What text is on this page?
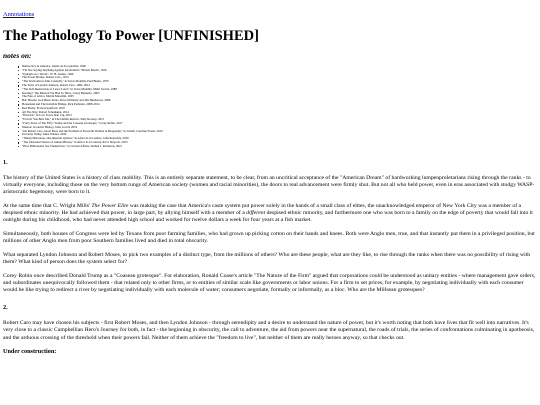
Annotations
The Pathology To Power [UNFINISHED]
notes on:
Democracy in America, Alexis de Tocqueville, 1840
"I'm Not Saying Anything Against Alcoholism," Bertolt Brecht, 1926
"Epitaph on a Tyrant", W. H. Auden, 1940
The Power Broker, Robert Caro, 1974
"The Truth About John Connally," in Texas Monthly, Paul Burka, 1979
The Years of Lyndon Johnson, Robert Caro, 1982–2012
"The Self-Destruction of Lance Laird," in Texas Monthly, Mimi Swartz, 1988
Keating!: The Musical We Had To Have, Casey Bennetto, 2005
The Fate of Africa, Martin Meredith, 2005
Bob Hawke: God Bless Texas, Dave McNeely and Jim Henderson, 2008
Houseland and The Invisible Bridge, Rick Perlstein, 2008-2014
Red Plenty, Francis Spufford, 2010
All The Way, Robert Schenkkan, 2014
"Harvard," in Cow Town, Dan Cig, 2015
"Even If You Beat Me," in The Dublin Review, Sally Rooney, 2015
"Forty Years of The Fifty: Trump and the Coasean Grotesque," Corey Robin, 2017
Illusion: A Global History, Julia Lovell, 2019
"On Robert Caro, Great Men, and the Problem of Powerful Women in Biography," in Lithub, Caroline Fraser, 2019
Uncanny Valley, Anna Wiener, 2020
"Things Maradona, anti-imperial symbol," in Africa Is A Country, John Reynolds, 2020
"The Liberated Stories of Guinea Bissau," in Africa Is A Country, Ricci Shryock, 2023
"How Billionaires See Themselves," in Current Affairs, Nathan J. Robinson, 2021
1.

The history of the United States is a history of class mobility. This is an entirely separate statement, to be clear, from an uncritical acceptance of the "American Dream" of hardworking lumpenproletarians rising through the ranks - to virtually everyone, including those on the very bottom rungs of American society (women and racial minorities), the doors to real advancement were firmly shut. But not all who held power, even in eras associated with stodgy WASP-aristocratic hegemony, were born to it.

At the same time that C. Wright Mills' The Power Elite was making the case that America's caste system put power solely in the hands of a small class of elites, the unacknowledged emperor of New York City was a member of a despised ethnic minority. He had achieved that power, in large part, by allying himself with a member of a different despised ethnic minority, and furthermore one who was born to a family on the edge of poverty that would fall into it outright during his childhood, who had never attended high school and worked for twelve dollars a week for four years at a fish market.

Simultaneously, both houses of Congress were led by Texans from poor farming families, who had grown up picking cotton on their hands and knees. Both were Anglo men, true, and that instantly put them in a privileged position, but millions of other Anglo men from poor Southern families lived and died in total obscurity.

What separated Lyndon Johnson and Robert Moses, to pick two examples of a distinct type, from the millions of others? Who are these people, what are they like, to rise through the ranks when there was no possibility of rising with them? What kind of person does the system select for?

Corey Robin once described Donald Trump as a "Coasean grotesque". For elaboration, Ronald Coase's article "The Nature of the Firm" argued that corporations could be understood as unitary entities - where management gave orders, and subordinates unequivocally followed them - that related only to other firms, or to entities of similar scale like governments or labor unions. For a firm to set prices, for example, by negotiating individually with each consumer would be like trying to redirect a river by negotiating individually with each molecule of water; consumers negotiate, formally or informally, as a bloc. Who are the Millsean grotesques?

2.

Robert Caro may have chosen his subjects - first Robert Moses, and then Lyndon Johnson - through serendipity and a desire to understand the nature of power, but it's worth noting that both have lives that fit well into narratives. It's very close to a classic Campbellian Hero's Journey for both, in fact - the beginning in obscurity, the call to adventure, the aid from powers near the supernatural, the roads of trials, the series of confrontations culminating in apotheosis, and the arduous crossing of the threshold when their powers fail. Neither of them achieve the "freedom to live", but neither of them are really heroes anyway, so that checks out.

Under construction:
